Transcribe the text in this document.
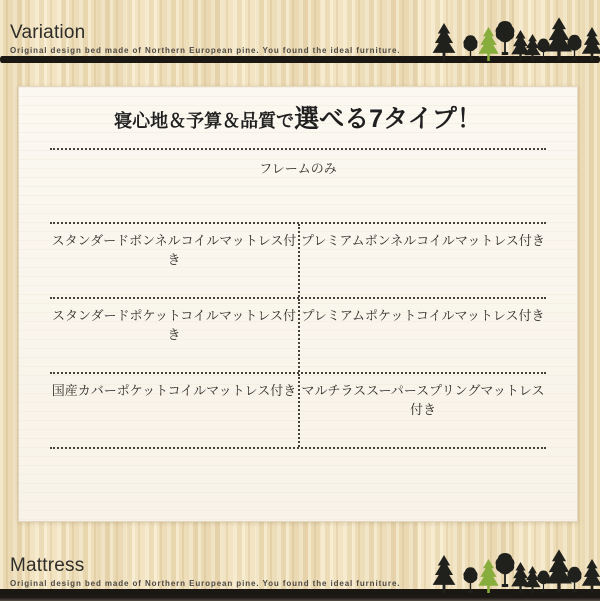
Variation
Original design bed made of Northern European pine. You found the ideal furniture.
寝心地＆予算＆品質で選べる7タイプ！
フレームのみ
スタンダードボンネルコイルマットレス付き
プレミアムボンネルコイルマットレス付き
スタンダードポケットコイルマットレス付き
プレミアムポケットコイルマットレス付き
国産カバーポケットコイルマットレス付き マルチラススーパースプリングマットレス付き
Mattress
Original design bed made of Northern European pine. You found the ideal furniture.
